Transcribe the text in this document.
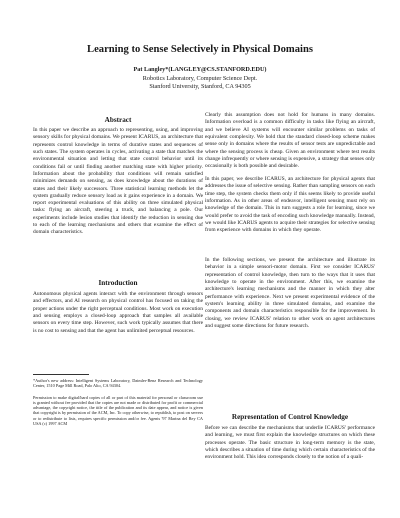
Learning to Sense Selectively in Physical Domains
Pat Langley*(LANGLEY@CS.STANFORD.EDU)
Robotics Laboratory, Computer Science Dept.
Stanford University, Stanford, CA 94305
Abstract
In this paper we describe an approach to representing, using, and improving sensory skills for physical domains. We present ICARUS, an architecture that represents control knowledge in terms of durative states and sequences of such states. The system operates in cycles, activating a state that matches the environmental situation and letting that state control behavior until its conditions fail or until finding another matching state with higher priority. Information about the probability that conditions will remain satisfied minimizes demands on sensing, as does knowledge about the durations of states and their likely successors. Three statistical learning methods let the system gradually reduce sensory load as it gains experience in a domain. We report experimental evaluations of this ability on three simulated physical tasks: flying an aircraft, steering a truck, and balancing a pole. Our experiments include lesion studies that identify the reduction in sensing due to each of the learning mechanisms and others that examine the effect of domain characteristics.
Introduction
Autonomous physical agents interact with the environment through sensors and effectors, and AI research on physical control has focused on taking the proper actions under the right perceptual conditions. Most work on execution and sensing employs a closed-loop approach that samples all available sensors on every time step. However, such work typically assumes that there is no cost to sensing and that the agent has unlimited perceptual resources.
*Author's new address: Intelligent Systems Laboratory, Daimler-Benz Research and Technology Center, 1510 Page Mill Road, Palo Alto, CA 94304.
Permission to make digital/hard copies of all or part of this material for personal or classroom use is granted without fee provided that the copies are not made or distributed for profit or commercial advantage, the copyright notice, the title of the publication and its date appear, and notice is given that copyright is by permission of the ACM, Inc. To copy otherwise, to republish, to post on servers or to redistribute to lists, requires specific permission and/or fee. Agents '97 Marina del Rey CA USA (c) 1997 ACM
Clearly this assumption does not hold for humans in many domains. Information overload is a common difficulty in tasks like flying an aircraft, and we believe AI systems will encounter similar problems on tasks of equivalent complexity. We hold that the standard closed-loop scheme makes sense only in domains where the results of sensor tests are unpredictable and where the sensing process is cheap. Given an environment where test results change infrequently or where sensing is expensive, a strategy that senses only occasionally is both possible and desirable.
In this paper, we describe ICARUS, an architecture for physical agents that addresses the issue of selective sensing. Rather than sampling sensors on each time step, the system checks them only if this seems likely to provide useful information. As in other areas of endeavor, intelligent sensing must rely on knowledge of the domain. This in turn suggests a role for learning, since we would prefer to avoid the task of encoding such knowledge manually. Instead, we would like ICARUS agents to acquire their strategies for selective sensing from experience with domains in which they operate.
In the following sections, we present the architecture and illustrate its behavior in a simple sensori-motor domain. First we consider ICARUS' representation of control knowledge, then turn to the ways that it uses that knowledge to operate in the environment. After this, we examine the architecture's learning mechanisms and the manner in which they alter performance with experience. Next we present experimental evidence of the system's learning ability in three simulated domains, and examine the components and domain characteristics responsible for the improvement. In closing, we review ICARUS' relation to other work on agent architectures and suggest some directions for future research.
Representation of Control Knowledge
Before we can describe the mechanisms that underlie ICARUS' performance and learning, we must first explain the knowledge structures on which these processes operate. The basic structure in long-term memory is the state, which describes a situation of time during which certain characteristics of the environment hold. This idea corresponds closely to the notion of a quali-
